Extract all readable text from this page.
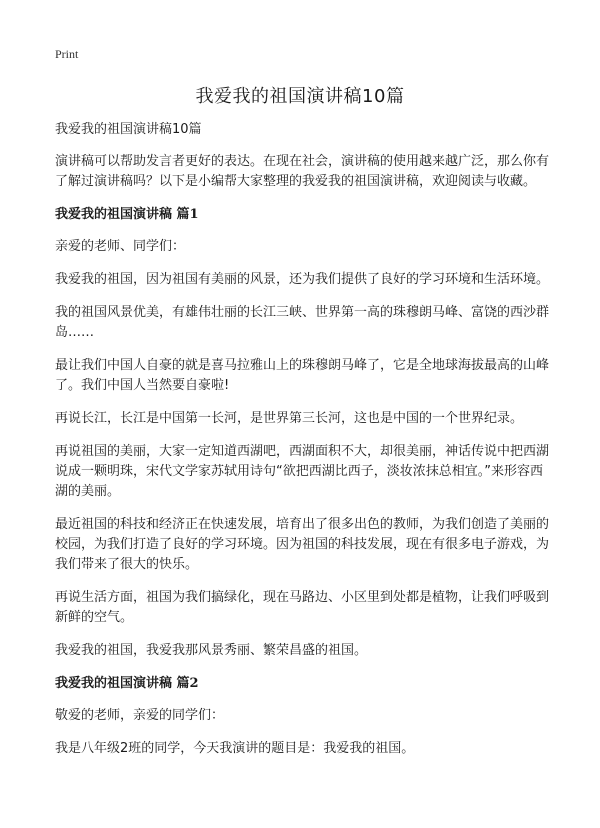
Print

我爱我的祖国演讲稿10篇

我爱我的祖国演讲稿10篇

演讲稿可以帮助发言者更好的表达。在现在社会，演讲稿的使用越来越广泛，那么你有了解过演讲稿吗？以下是小编帮大家整理的我爱我的祖国演讲稿，欢迎阅读与收藏。

我爱我的祖国演讲稿 篇1

亲爱的老师、同学们：

我爱我的祖国，因为祖国有美丽的风景，还为我们提供了良好的学习环境和生活环境。

我的祖国风景优美，有雄伟壮丽的长江三峡、世界第一高的珠穆朗马峰、富饶的西沙群岛……

最让我们中国人自豪的就是喜马拉雅山上的珠穆朗马峰了，它是全地球海拔最高的山峰了。我们中国人当然要自豪啦!

再说长江，长江是中国第一长河，是世界第三长河，这也是中国的一个世界纪录。

再说祖国的美丽，大家一定知道西湖吧，西湖面积不大，却很美丽，神话传说中把西湖说成一颗明珠，宋代文学家苏轼用诗句“欲把西湖比西子，淡妆浓抹总相宜。”来形容西湖的美丽。

最近祖国的科技和经济正在快速发展，培育出了很多出色的教师，为我们创造了美丽的校园，为我们打造了良好的学习环境。因为祖国的科技发展，现在有很多电子游戏，为我们带来了很大的快乐。

再说生活方面，祖国为我们搞绿化，现在马路边、小区里到处都是植物，让我们呼吸到新鲜的空气。

我爱我的祖国，我爱我那风景秀丽、繁荣昌盛的祖国。

我爱我的祖国演讲稿 篇2

敬爱的老师，亲爱的同学们：

我是八年级2班的同学，今天我演讲的题目是：我爱我的祖国。
